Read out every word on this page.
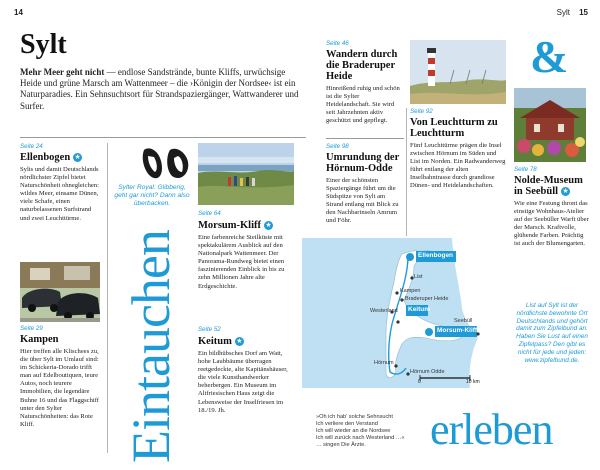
14	Sylt 15
Sylt
Mehr Meer geht nicht — endlose Sandstrände, bunte Kliffs, urwüchsige Heide und grüne Marsch am Wattenmeer – die ›Königin der Nordsee‹ ist ein Naturparadies. Ein Sehnsuchtsort für Strandspaziergänger, Wattwanderer und Surfer.
Seite 24
Ellenbogen ★
Sylts und damit Deutschlands nördlichster Zipfel bietet Naturschönheit ohnegleichen: wildes Meer, einsame Dünen, viele Schafe, einen naturbelassenen Surfstrand und zwei Leuchttürme.
Sylter Royal: Glibberig, geht gar nicht? Dann also überbacken.
Seite 29
Kampen
Hier treffen alle Klischees zu, die über Sylt im Umlauf sind: im Schickeria-Dorado trifft man auf Edelboutiquen, teure Autos, noch teurere Immobilien, die legendäre Buhne 16 und das Flaggschiff unter den Sylter Naturschönheiten: das Rote Kliff.	Eintauchen
Seite 64
Morsum-Kliff ★
Eine farbenreiche Steilküste mit spektakulärem Ausblick auf den Nationalpark Wattenmeer. Der Panorama-Rundweg bietet einen faszinierenden Einblick in bis zu zehn Millionen Jahre alte Erdgeschichte.
Seite 52
Keitum ★
Ein bildhübsches Dorf am Watt, hohe Laubbäume überragen reetgedeckte, alte Kapitänshäuser, die viele Kunsthandwerker beherbergen. Ein Museum im Altfriesischen Haus zeigt die Lebensweise der Inselfriesen im 18./19. Jh.
Seite 46
Wandern durch die Braderuper Heide
Hinreißend ruhig und schön ist die Sylter Heidelandschaft. Sie wird seit Jahrzehnten aktiv geschützt und gepflegt.
&
Seite 98
Umrundung der Hörnum-Odde
Einer der schönsten Spaziergänge führt um die Südspitze von Sylt am Strand entlang mit Blick zu den Nachbarinseln Amrum und Föhr.
Seite 92
Von Leuchtturm zu Leuchtturm
Fünf Leuchttürme prägen die Insel zwischen Hörnum im Süden und List im Norden. Ein Radwanderweg führt entlang der alten Inselbahntrasse durch grandiose Dünen- und Heidelandschaften.
Seite 78
Nolde-Museum in Seebüll ★
Wie eine Festung thront das einstige Wohnhaus-Atelier auf der Seebüller Warft über der Marsch. Kraftvolle, glühende Farben. Prächtig ist auch der Blumengarten.
Ellenbogen
List
Kampen
Braderuper Heide
Keitum
Westerland
Seebüll
Morsum-Kliff
Hörnum
Hörnum Odde
0	10 km
List auf Sylt ist der nördlichste bewohnte Ort Deutschlands und gehört damit zum Zipfelbund an. Haben Sie Lust auf einen Zipfelpass? Den gibt es nicht für jede und jeden: www.zipfelbund.de.
»Oh ich hab' solche Sehnsucht
Ich verliere den Verstand
Ich will wieder an die Nordsee
Ich will zurück nach Westerland …«
… singen Die Ärzte.	erleben
